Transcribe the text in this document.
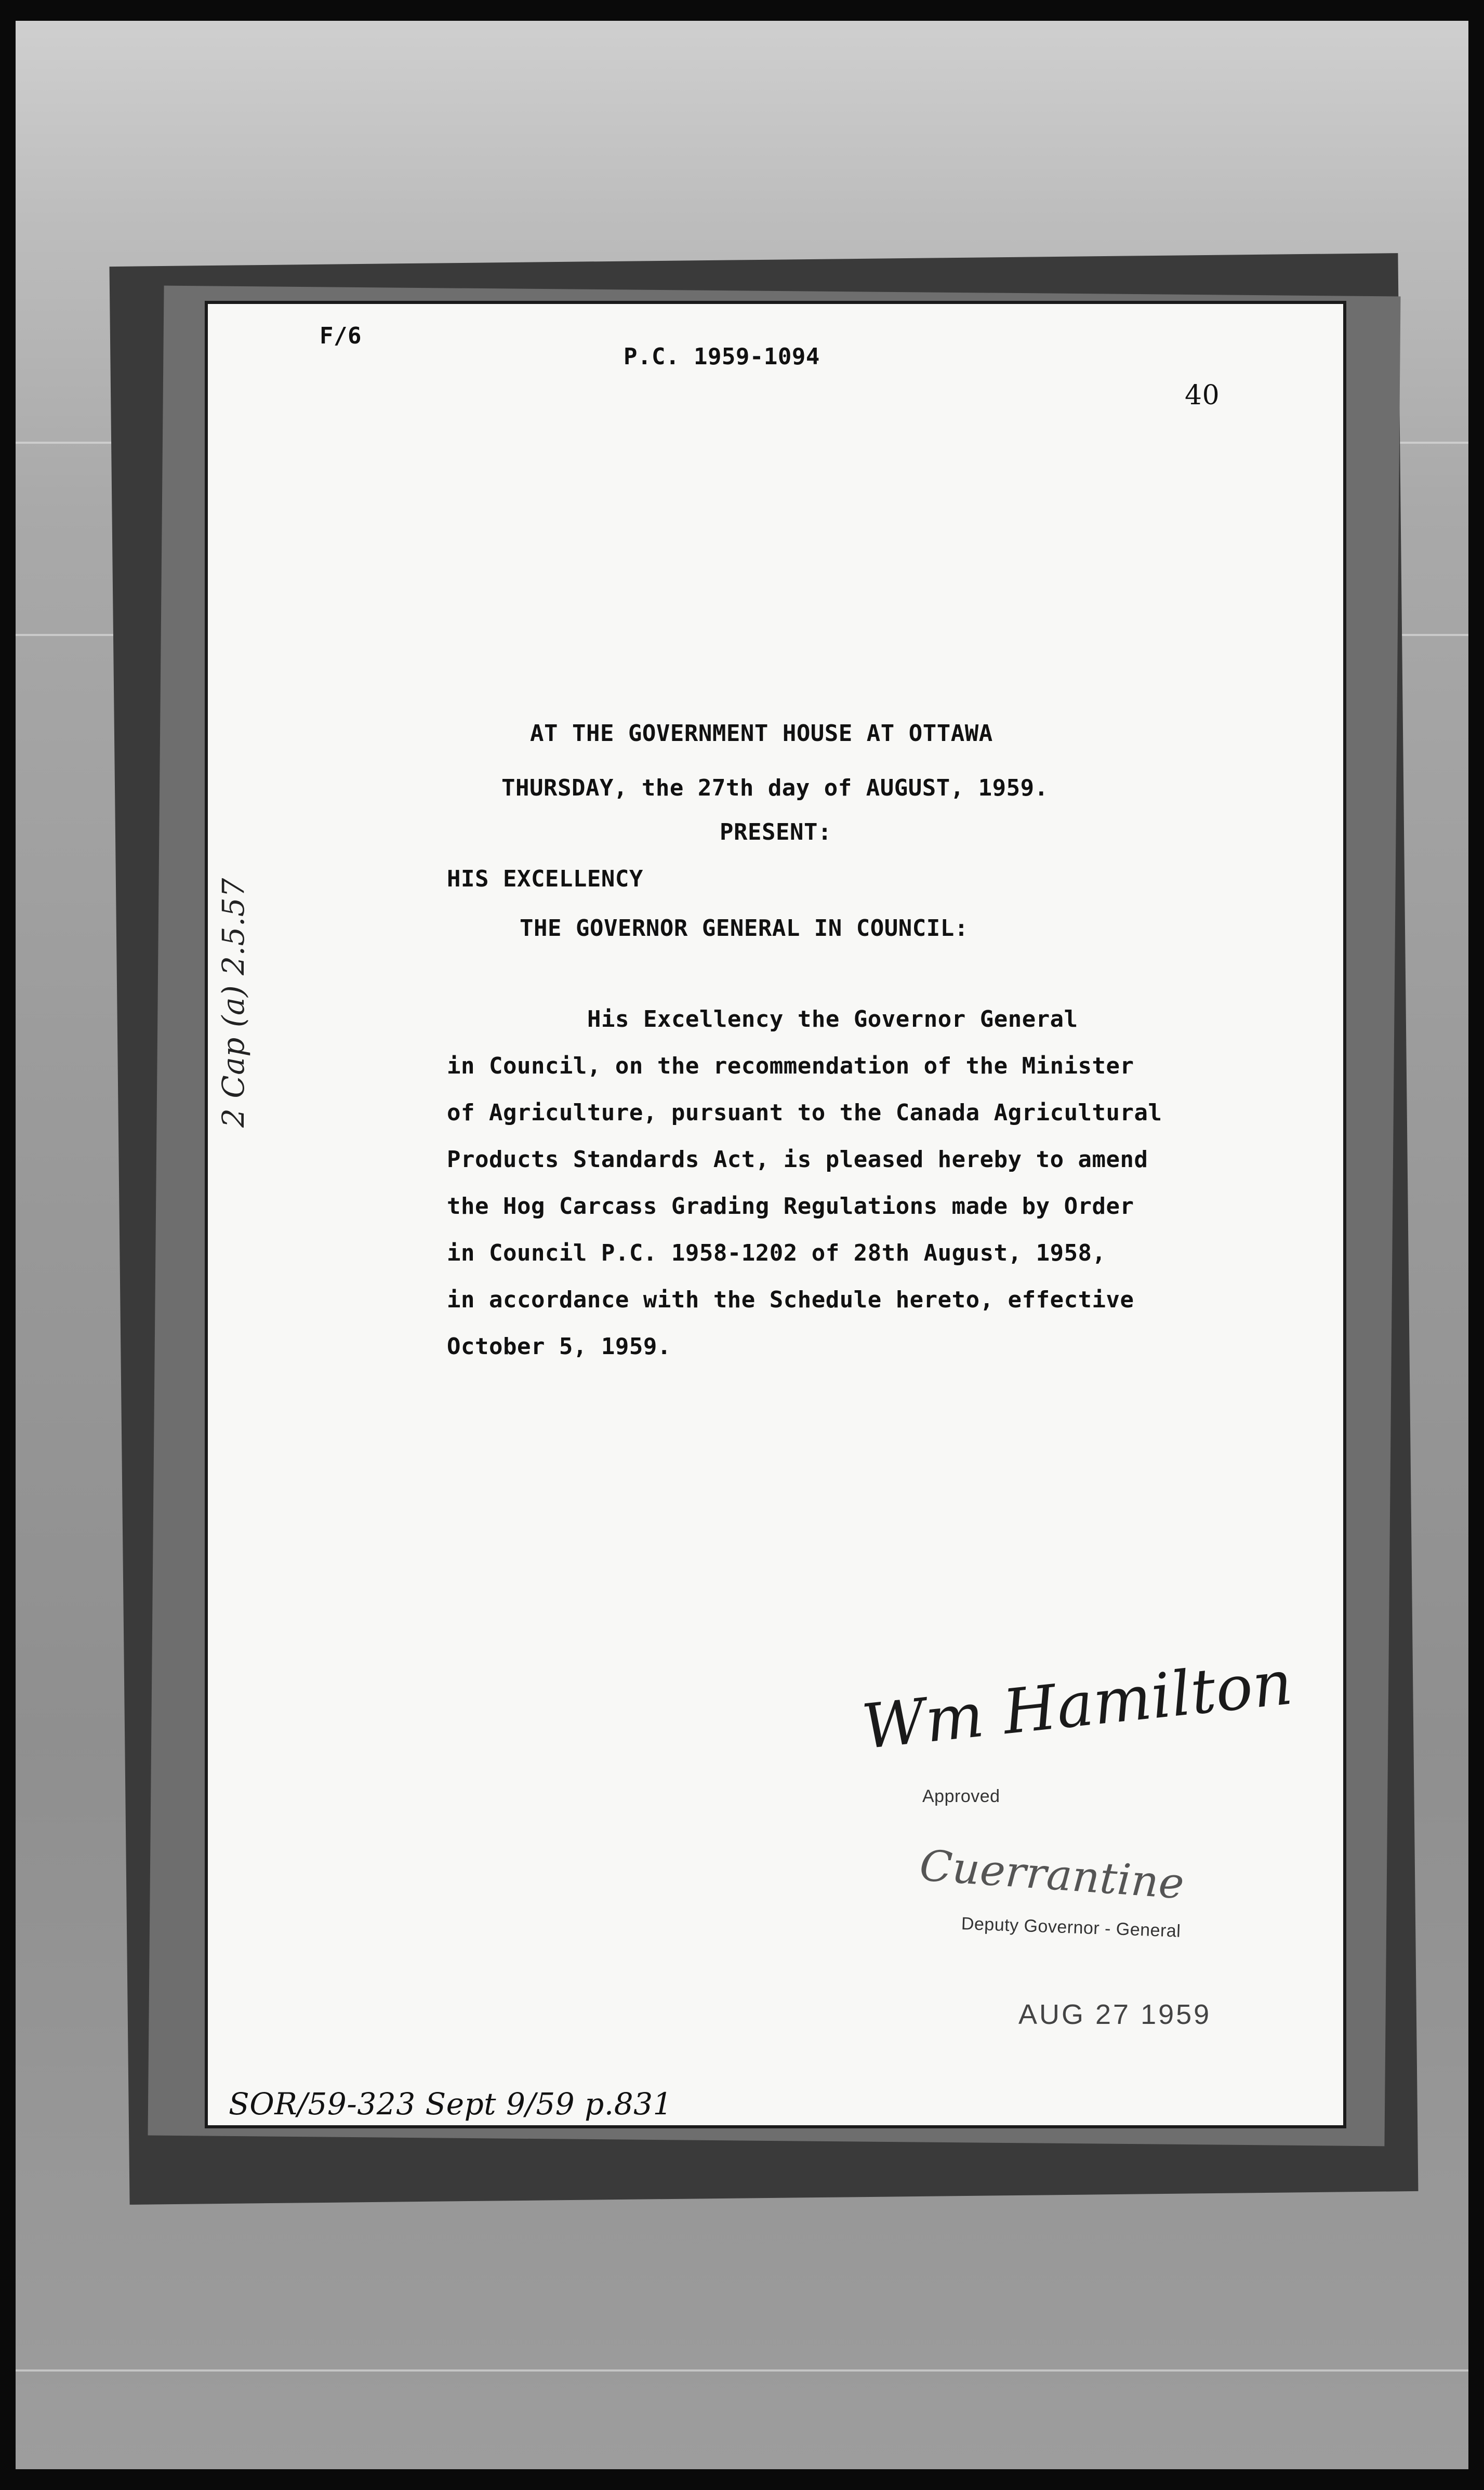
F/6
P.C. 1959-1094
40
AT THE GOVERNMENT HOUSE AT OTTAWA
THURSDAY, the 27th day of AUGUST, 1959.
PRESENT:
HIS EXCELLENCY
THE GOVERNOR GENERAL IN COUNCIL:
His Excellency the Governor General
in Council, on the recommendation of the Minister
of Agriculture, pursuant to the Canada Agricultural
Products Standards Act, is pleased hereby to amend
the Hog Carcass Grading Regulations made by Order
in Council P.C. 1958-1202 of 28th August, 1958,
in accordance with the Schedule hereto, effective
October 5, 1959.
Wm Hamilton
Approved
Cuerrantine
Deputy Governor - General
AUG 27 1959
2 Cap (a) 2.5.57
SOR/59-323 Sept 9/59 p.831
